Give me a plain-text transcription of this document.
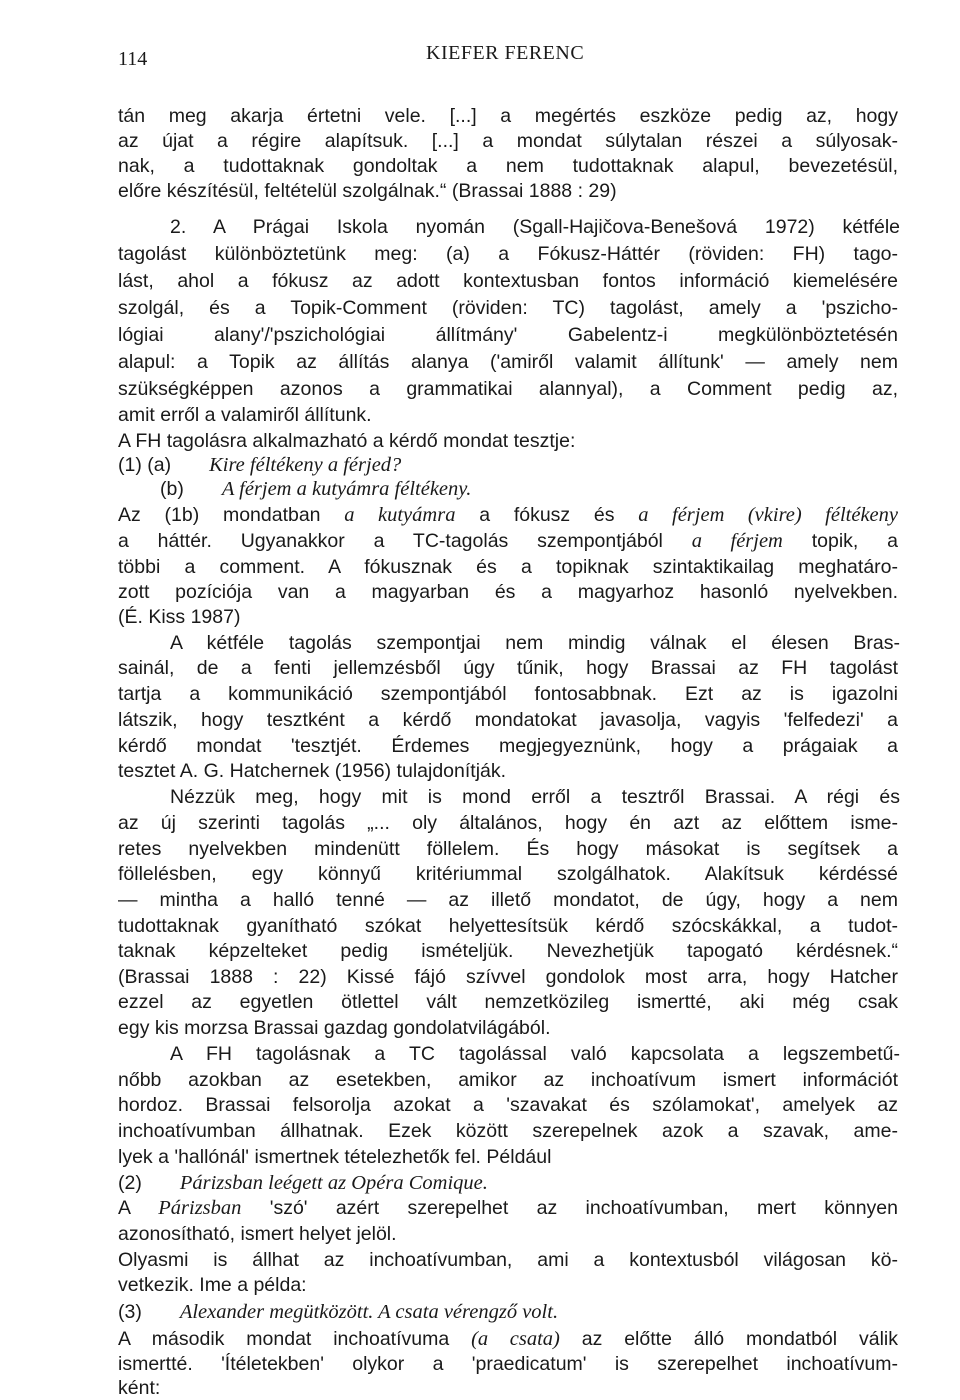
114	KIEFER FERENC
tán meg akarja értetni vele. [...] a megértés eszköze pedig az, hogy
az újat a régire alapítsuk. [...] a mondat súlytalan részei a súlyosak-
nak, a tudottaknak gondoltak a nem tudottaknak alapul, bevezetésül,
előre készítésül, feltételül szolgálnak.“ (Brassai 1888 : 29)
2. A Prágai Iskola nyomán (Sgall-Hajičova-Benešová 1972) kétféle
tagolást különböztetünk meg: (a) a Fókusz-Háttér (röviden: FH) tago-
lást, ahol a fókusz az adott kontextusban fontos információ kiemelésére
szolgál, és a Topik-Comment (röviden: TC) tagolást, amely a 'pszicho-
lógiai alany'/'pszichológiai állítmány' Gabelentz-i megkülönböztetésén
alapul: a Topik az állítás alanya ('amiről valamit állítunk' — amely nem
szükségképpen azonos a grammatikai alannyal), a Comment pedig az,
amit erről a valamiről állítunk.
A FH tagolásra alkalmazható a kérdő mondat tesztje:
(1) (a) Kire féltékeny a férjed?
(b) A férjem a kutyámra féltékeny.
Az (1b) mondatban a kutyámra a fókusz és a férjem (vkire) féltékeny
a háttér. Ugyanakkor a TC-tagolás szempontjából a férjem topik, a
többi a comment. A fókusznak és a topiknak szintaktikailag meghatáro-
zott pozíciója van a magyarban és a magyarhoz hasonló nyelvekben.
(É. Kiss 1987)
A kétféle tagolás szempontjai nem mindig válnak el élesen Bras-
sainál, de a fenti jellemzésből úgy tűnik, hogy Brassai az FH tagolást
tartja a kommunikáció szempontjából fontosabbnak. Ezt az is igazolni
látszik, hogy tesztként a kérdő mondatokat javasolja, vagyis 'felfedezi' a
kérdő mondat 'tesztjét. Érdemes megjegyeznünk, hogy a prágaiak a
tesztet A. G. Hatchernek (1956) tulajdonítják.
Nézzük meg, hogy mit is mond erről a tesztről Brassai. A régi és
az új szerinti tagolás „... oly általános, hogy én azt az előttem isme-
retes nyelvekben mindenütt föllelem. És hogy másokat is segítsek a
föllelésben, egy könnyű kritériummal szolgálhatok. Alakítsuk kérdéssé
— mintha a halló tenné — az illető mondatot, de úgy, hogy a nem
tudottaknak gyanítható szókat helyettesítsük kérdő szócskákkal, a tudot-
taknak képzelteket pedig ismételjük. Nevezhetjük tapogató kérdésnek.“
(Brassai 1888 : 22) Kissé fájó szívvel gondolok most arra, hogy Hatcher
ezzel az egyetlen ötlettel vált nemzetközileg ismertté, aki még csak
egy kis morzsa Brassai gazdag gondolatvilágából.
A FH tagolásnak a TC tagolással való kapcsolata a legszembetű-
nőbb azokban az esetekben, amikor az inchoatívum ismert információt
hordoz. Brassai felsorolja azokat a 'szavakat és szólamokat', amelyek az
inchoatívumban állhatnak. Ezek között szerepelnek azok a szavak, ame-
lyek a 'hallónál' ismertnek tételezhetők fel. Például
(2) Párizsban leégett az Opéra Comique.
A Párizsban 'szó' azért szerepelhet az inchoatívumban, mert könnyen
azonosítható, ismert helyet jelöl.
Olyasmi is állhat az inchoatívumban, ami a kontextusból világosan kö-
vetkezik. Ime a példa:
(3) Alexander megütközött. A csata vérengző volt.
A második mondat inchoatívuma (a csata) az előtte álló mondatból válik
ismertté. 'Ítéletekben' olykor a 'praedicatum' is szerepelhet inchoatívum-
ként:
